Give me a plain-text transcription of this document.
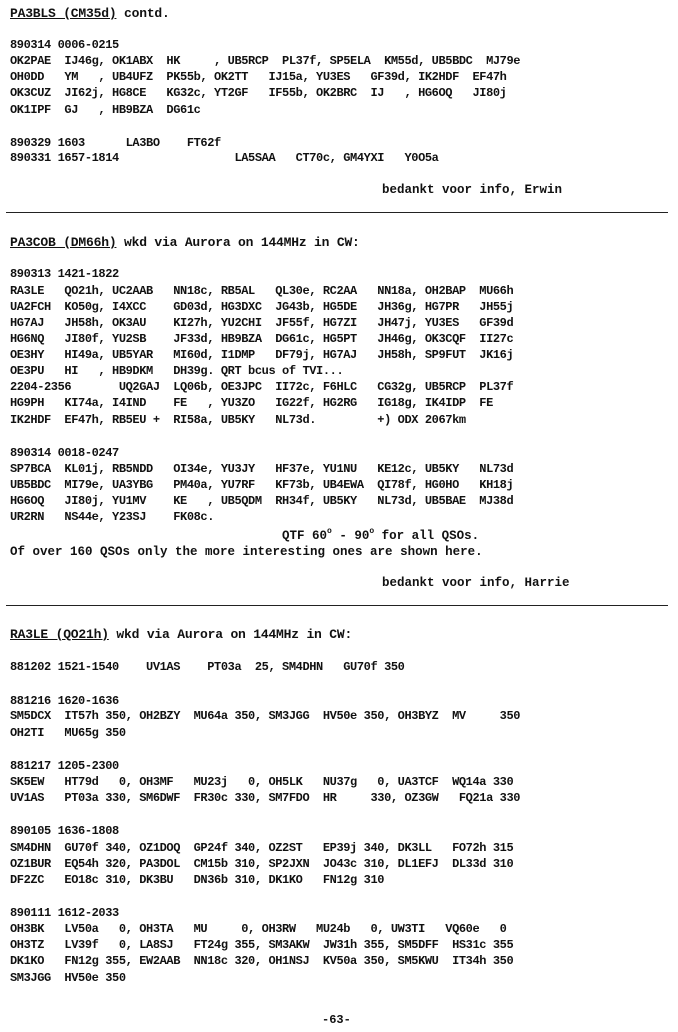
PA3BLS (CM35d) contd.
890314 0006-0215
OK2PAE  IJ46g, OK1ABX  HK     , UB5RCP  PL37f, SP5ELA  KM55d, UB5BDC  MJ79e
OH0DD   YM   , UB4UFZ  PK55b, OK2TT   IJ15a, YU3ES   GF39d, IK2HDF  EF47h
OK3CUZ  JI62j, HG8CE   KG32c, YT2GF   IF55b, OK2BRC  IJ   , HG6OQ   JI80j
OK1IPF  GJ   , HB9BZA  DG61c
890329 1603      LA3BO    FT62f
890331 1657-1814                 LA5SAA   CT70c, GM4YXI   Y0O5a
bedankt voor info, Erwin
PA3COB (DM66h) wkd via Aurora on 144MHz in CW:
890313 1421-1822
RA3LE   QO21h, UC2AAB   NN18c, RB5AL   QL30e, RC2AA   NN18a, OH2BAP  MU66h
UA2FCH  KO50g, I4XCC    GD03d, HG3DXC  JG43b, HG5DE   JH36g, HG7PR   JH55j
HG7AJ   JH58h, OK3AU    KI27h, YU2CHI  JF55f, HG7ZI   JH47j, YU3ES   GF39d
HG6NQ   JI80f, YU2SB    JF33d, HB9BZA  DG61c, HG5PT   JH46g, OK3CQF  II27c
OE3HY   HI49a, UB5YAR   MI60d, I1DMP   DF79j, HG7AJ   JH58h, SP9FUT  JK16j
OE3PU   HI   , HB9DKM   DH39g. QRT bcus of TVI...
2204-2356       UQ2GAJ  LQ06b, OE3JPC  II72c, F6HLC   CG32g, UB5RCP  PL37f
HG9PH   KI74a, I4IND    FE   , YU3ZO   IG22f, HG2RG   IG18g, IK4IDP  FE
IK2HDF  EF47h, RB5EU +  RI58a, UB5KY   NL73d.         +) ODX 2067km
890314 0018-0247
SP7BCA  KL01j, RB5NDD   OI34e, YU3JY   HF37e, YU1NU   KE12c, UB5KY   NL73d
UB5BDC  MI79e, UA3YBG   PM40a, YU7RF   KF73b, UB4EWA  QI78f, HG0HO   KH18j
HG6OQ   JI80j, YU1MV    KE   , UB5QDM  RH34f, UB5KY   NL73d, UB5BAE  MJ38d
UR2RN   NS44e, Y23SJ    FK08c.
QTF 60$^o$ - 90$^o$ for all QSOs.
Of over 160 QSOs only the more interesting ones are shown here.
bedankt voor info, Harrie
RA3LE (QO21h) wkd via Aurora on 144MHz in CW:
881202 1521-1540    UV1AS    PT03a  25, SM4DHN   GU70f 350
881216 1620-1636
SM5DCX  IT57h 350, OH2BZY  MU64a 350, SM3JGG  HV50e 350, OH3BYZ  MV     350
OH2TI   MU65g 350
881217 1205-2300
SK5EW   HT79d   0, OH3MF   MU23j   0, OH5LK   NU37g   0, UA3TCF  WQ14a 330
UV1AS   PT03a 330, SM6DWF  FR30c 330, SM7FDO  HR     330, OZ3GW   FQ21a 330
890105 1636-1808
SM4DHN  GU70f 340, OZ1DOQ  GP24f 340, OZ2ST   EP39j 340, DK3LL   FO72h 315
OZ1BUR  EQ54h 320, PA3DOL  CM15b 310, SP2JXN  JO43c 310, DL1EFJ  DL33d 310
DF2ZC   EO18c 310, DK3BU   DN36b 310, DK1KO   FN12g 310
890111 1612-2033
OH3BK   LV50a   0, OH3TA   MU     0, OH3RW   MU24b   0, UW3TI   VQ60e   0
OH3TZ   LV39f   0, LA8SJ   FT24g 355, SM3AKW  JW31h 355, SM5DFF  HS31c 355
DK1KO   FN12g 355, EW2AAB  NN18c 320, OH1NSJ  KV50a 350, SM5KWU  IT34h 350
SM3JGG  HV50e 350
-63-
